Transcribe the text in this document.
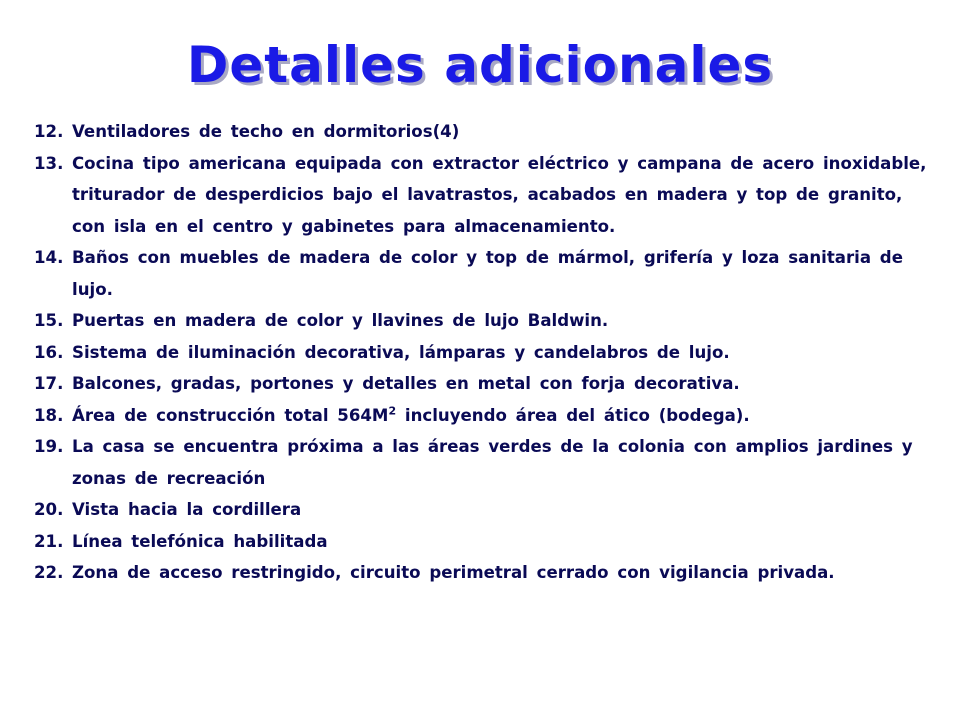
Detalles adicionales
12. Ventiladores de techo en dormitorios(4)
13. Cocina tipo americana equipada con extractor eléctrico y campana de acero inoxidable, triturador de desperdicios bajo el lavatrastos, acabados en madera y top de granito, con isla en el centro y gabinetes para almacenamiento.
14. Baños con muebles de madera de color y top de mármol, grifería y loza sanitaria de lujo.
15. Puertas en madera de color y llavines de lujo Baldwin.
16. Sistema de iluminación decorativa, lámparas y candelabros de lujo.
17. Balcones, gradas, portones y detalles en metal con forja decorativa.
18. Área de construcción total $564M^2$ incluyendo área del ático (bodega).
19. La casa se encuentra próxima a las áreas verdes de la colonia con amplios jardines y zonas de recreación
20. Vista hacia la cordillera
21. Línea telefónica habilitada
22. Zona de acceso restringido, circuito perimetral cerrado con vigilancia privada.
